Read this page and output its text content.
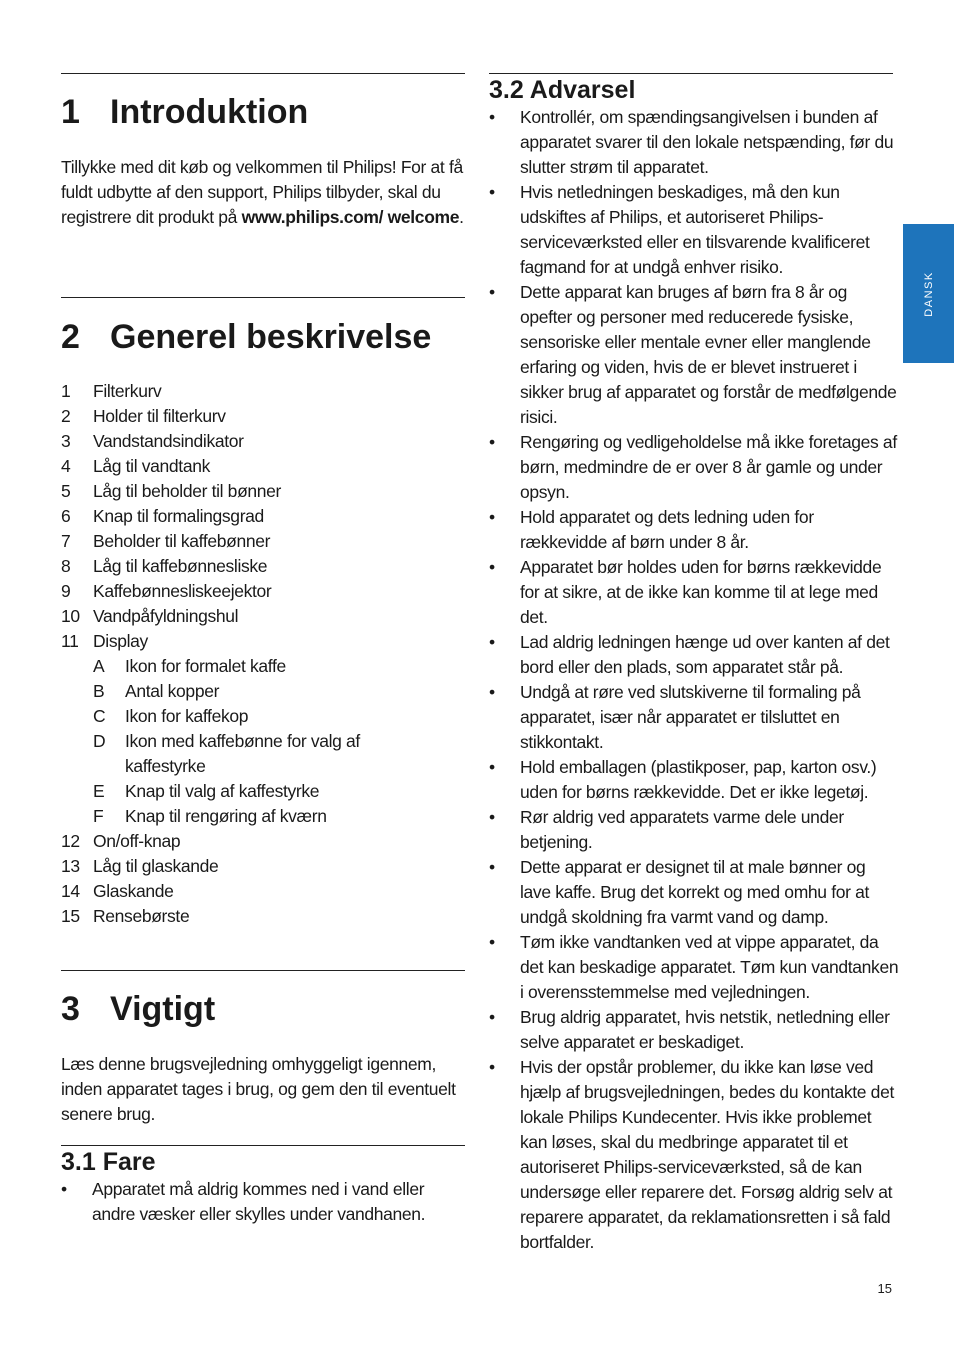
1 Introduktion
Tillykke med dit køb og velkommen til Philips! For at få fuldt udbytte af den support, Philips tilbyder, skal du registrere dit produkt på www.philips.com/ welcome.
2 Generel beskrivelse
1	Filterkurv
2	Holder til filterkurv
3	Vandstandsindikator
4	Låg til vandtank
5	Låg til beholder til bønner
6	Knap til formalingsgrad
7	Beholder til kaffebønner
8	Låg til kaffebønnesliske
9	Kaffebønnesliskeejektor
10 Vandpåfyldningshul
11 Display
A	Ikon for formalet kaffe
B	Antal kopper
C	Ikon for kaffekop
D	Ikon med kaffebønne for valg af kaffestyrke
E	Knap til valg af kaffestyrke
F	Knap til rengøring af kværn
12 On/off-knap
13 Låg til glaskande
14 Glaskande
15 Rensebørste
3 Vigtigt
Læs denne brugsvejledning omhyggeligt igennem, inden apparatet tages i brug, og gem den til eventuelt senere brug.
3.1 Fare
• Apparatet må aldrig kommes ned i vand eller andre væsker eller skylles under vandhanen.
3.2 Advarsel
• Kontrollér, om spændingsangivelsen i bunden af apparatet svarer til den lokale netspænding, før du slutter strøm til apparatet.
• Hvis netledningen beskadiges, må den kun udskiftes af Philips, et autoriseret Philips-serviceværksted eller en tilsvarende kvalificeret fagmand for at undgå enhver risiko.
• Dette apparat kan bruges af børn fra 8 år og opefter og personer med reducerede fysiske, sensoriske eller mentale evner eller manglende erfaring og viden, hvis de er blevet instrueret i sikker brug af apparatet og forstår de medfølgende risici.
• Rengøring og vedligeholdelse må ikke foretages af børn, medmindre de er over 8 år gamle og under opsyn.
• Hold apparatet og dets ledning uden for rækkevidde af børn under 8 år.
• Apparatet bør holdes uden for børns rækkevidde for at sikre, at de ikke kan komme til at lege med det.
• Lad aldrig ledningen hænge ud over kanten af det bord eller den plads, som apparatet står på.
• Undgå at røre ved slutskiverne til formaling på apparatet, især når apparatet er tilsluttet en stikkontakt.
• Hold emballagen (plastikposer, pap, karton osv.) uden for børns rækkevidde. Det er ikke legetøj.
• Rør aldrig ved apparatets varme dele under betjening.
• Dette apparat er designet til at male bønner og lave kaffe. Brug det korrekt og med omhu for at undgå skoldning fra varmt vand og damp.
• Tøm ikke vandtanken ved at vippe apparatet, da det kan beskadige apparatet. Tøm kun vandtanken i overensstemmelse med vejledningen.
• Brug aldrig apparatet, hvis netstik, netledning eller selve apparatet er beskadiget.
• Hvis der opstår problemer, du ikke kan løse ved hjælp af brugsvejledningen, bedes du kontakte det lokale Philips Kundecenter. Hvis ikke problemet kan løses, skal du medbringe apparatet til et autoriseret Philips-serviceværksted, så de kan undersøge eller reparere det. Forsøg aldrig selv at reparere apparatet, da reklamationsretten i så fald bortfalder.
DANSK
15
